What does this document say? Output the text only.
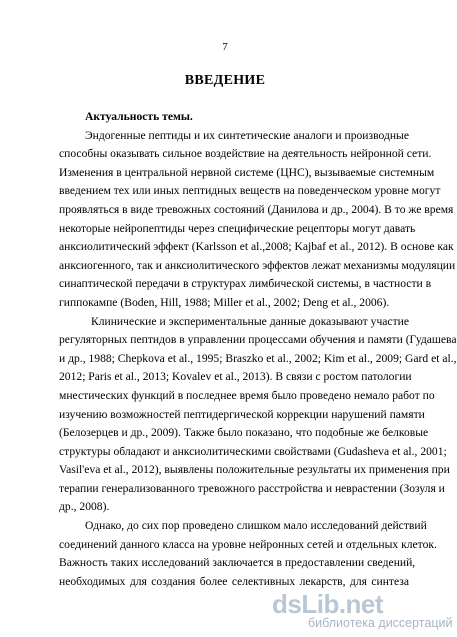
7
ВВЕДЕНИЕ
Актуальность темы.
Эндогенные пептиды и их синтетические аналоги и производные
способны оказывать сильное воздействие на деятельность нейронной сети.
Изменения в центральной нервной системе (ЦНС), вызываемые системным
введением тех или иных пептидных веществ на поведенческом уровне могут
проявляться в виде тревожных состояний (Данилова и др., 2004). В то же время
некоторые нейропептиды через специфические рецепторы могут давать
анксиолитический эффект (Karlsson et al.,2008; Kajbaf et al., 2012). В основе как
анксиогенного, так и анксиолитического эффектов лежат механизмы модуляции
синаптической передачи в структурах лимбической системы, в частности в
гиппокампе (Boden, Hill, 1988; Miller et al., 2002; Deng et al., 2006).
Клинические и экспериментальные данные доказывают участие
регуляторных пептидов в управлении процессами обучения и памяти (Гудашева
и др., 1988; Chepkova et al., 1995; Braszko et al., 2002; Kim et al., 2009; Gard et al.,
2012; Paris et al., 2013; Kovalev et al., 2013). В связи с ростом патологии
мнестических функций в последнее время было проведено немало работ по
изучению возможностей пептидергической коррекции нарушений памяти
(Белозерцев и др., 2009). Также было показано, что подобные же белковые
структуры обладают и анксиолитическими свойствами (Gudasheva et al., 2001;
Vasil'eva et al., 2012), выявлены положительные результаты их применения при
терапии генерализованного тревожного расстройства и неврастении (Зозуля и
др., 2008).
Однако, до сих пор проведено слишком мало исследований действий
соединений данного класса на уровне нейронных сетей и отдельных клеток.
Важность таких исследований заключается в предоставлении сведений,
необходимых для создания более селективных лекарств, для синтеза
dsLib.net
библиотека диссертаций
